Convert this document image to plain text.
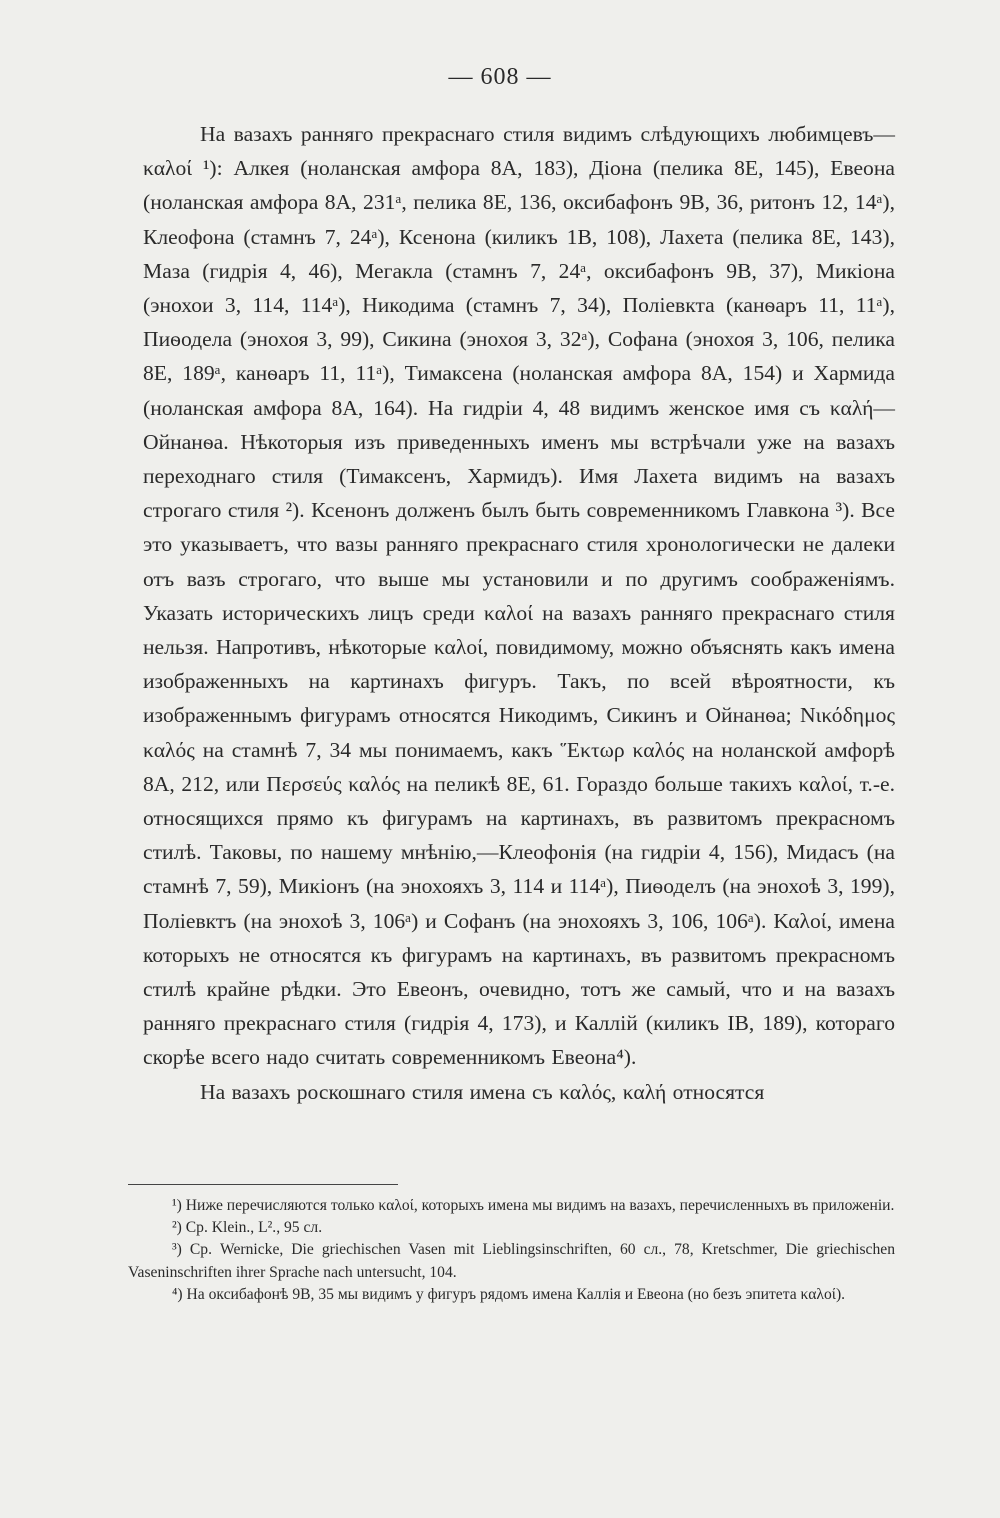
— 608 —

На вазахъ ранняго прекраснаго стиля видимъ слѣдующихъ любимцевъ—καλοί ¹): Алкея (ноланская амфора 8A, 183), Діона (пелика 8E, 145), Евеона (ноланская амфора 8A, 231ᵃ, пелика 8E, 136, оксибафонъ 9B, 36, ритонъ 12, 14ᵃ), Клеофона (стамнъ 7, 24ᵃ), Ксенона (киликъ 1B, 108), Лахета (пелика 8E, 143), Маза (гидрія 4, 46), Мегакла (стамнъ 7, 24ᵃ, оксибафонъ 9B, 37), Микіона (энохои 3, 114, 114ᵃ), Никодима (стамнъ 7, 34), Поліевкта (канѳаръ 11, 11ᵃ), Пиѳодела (энохоя 3, 99), Сикина (энохоя 3, 32ᵃ), Софана (энохоя 3, 106, пелика 8E, 189ᵃ, канѳаръ 11, 11ᵃ), Тимаксена (ноланская амфора 8A, 154) и Хармида (ноланская амфора 8A, 164). На гидріи 4, 48 видимъ женское имя съ καλή—Ойнанѳа. Нѣкоторыя изъ приведенныхъ именъ мы встрѣчали уже на вазахъ переходнаго стиля (Тимаксенъ, Хармидъ). Имя Лахета видимъ на вазахъ строгаго стиля ²). Ксенонъ долженъ былъ быть современникомъ Главкона ³). Все это указываетъ, что вазы ранняго прекраснаго стиля хронологически не далеки отъ вазъ строгаго, что выше мы установили и по другимъ соображеніямъ. Указать историческихъ лицъ среди καλοί на вазахъ ранняго прекраснаго стиля нельзя. Напротивъ, нѣкоторые καλοί, повидимому, можно объяснять какъ имена изображенныхъ на картинахъ фигуръ. Такъ, по всей вѣроятности, къ изображеннымъ фигурамъ относятся Никодимъ, Сикинъ и Ойнанѳа; Νικόδημος καλός на стамнѣ 7, 34 мы понимаемъ, какъ Ἕκτωρ καλός на ноланской амфорѣ 8A, 212, или Περσεύς καλός на пеликѣ 8E, 61. Гораздо больше такихъ καλοί, т.-е. относящихся прямо къ фигурамъ на картинахъ, въ развитомъ прекрасномъ стилѣ. Таковы, по нашему мнѣнію,—Клеофонія (на гидріи 4, 156), Мидасъ (на стамнѣ 7, 59), Микіонъ (на энохояхъ 3, 114 и 114ᵃ), Пиѳоделъ (на энохоѣ 3, 199), Поліевктъ (на энохоѣ 3, 106ᵃ) и Софанъ (на энохояхъ 3, 106, 106ᵃ). Καλοί, имена которыхъ не относятся къ фигурамъ на картинахъ, въ развитомъ прекрасномъ стилѣ крайне рѣдки. Это Евеонъ, очевидно, тотъ же самый, что и на вазахъ ранняго прекраснаго стиля (гидрія 4, 173), и Каллій (киликъ IB, 189), котораго скорѣе всего надо считать современникомъ Евеона⁴).

На вазахъ роскошнаго стиля имена съ καλός, καλή относятся

¹) Ниже перечисляются только καλοί, которыхъ имена мы видимъ на вазахъ, перечисленныхъ въ приложеніи.

²) Ср. Klein., L²., 95 сл.

³) Ср. Wernicke, Die griechischen Vasen mit Lieblingsinschriften, 60 сл., 78, Kretschmer, Die griechischen Vaseninschriften ihrer Sprache nach untersucht, 104.

⁴) На оксибафонѣ 9B, 35 мы видимъ у фигуръ рядомъ имена Каллія и Евеона (но безъ эпитета καλοί).
